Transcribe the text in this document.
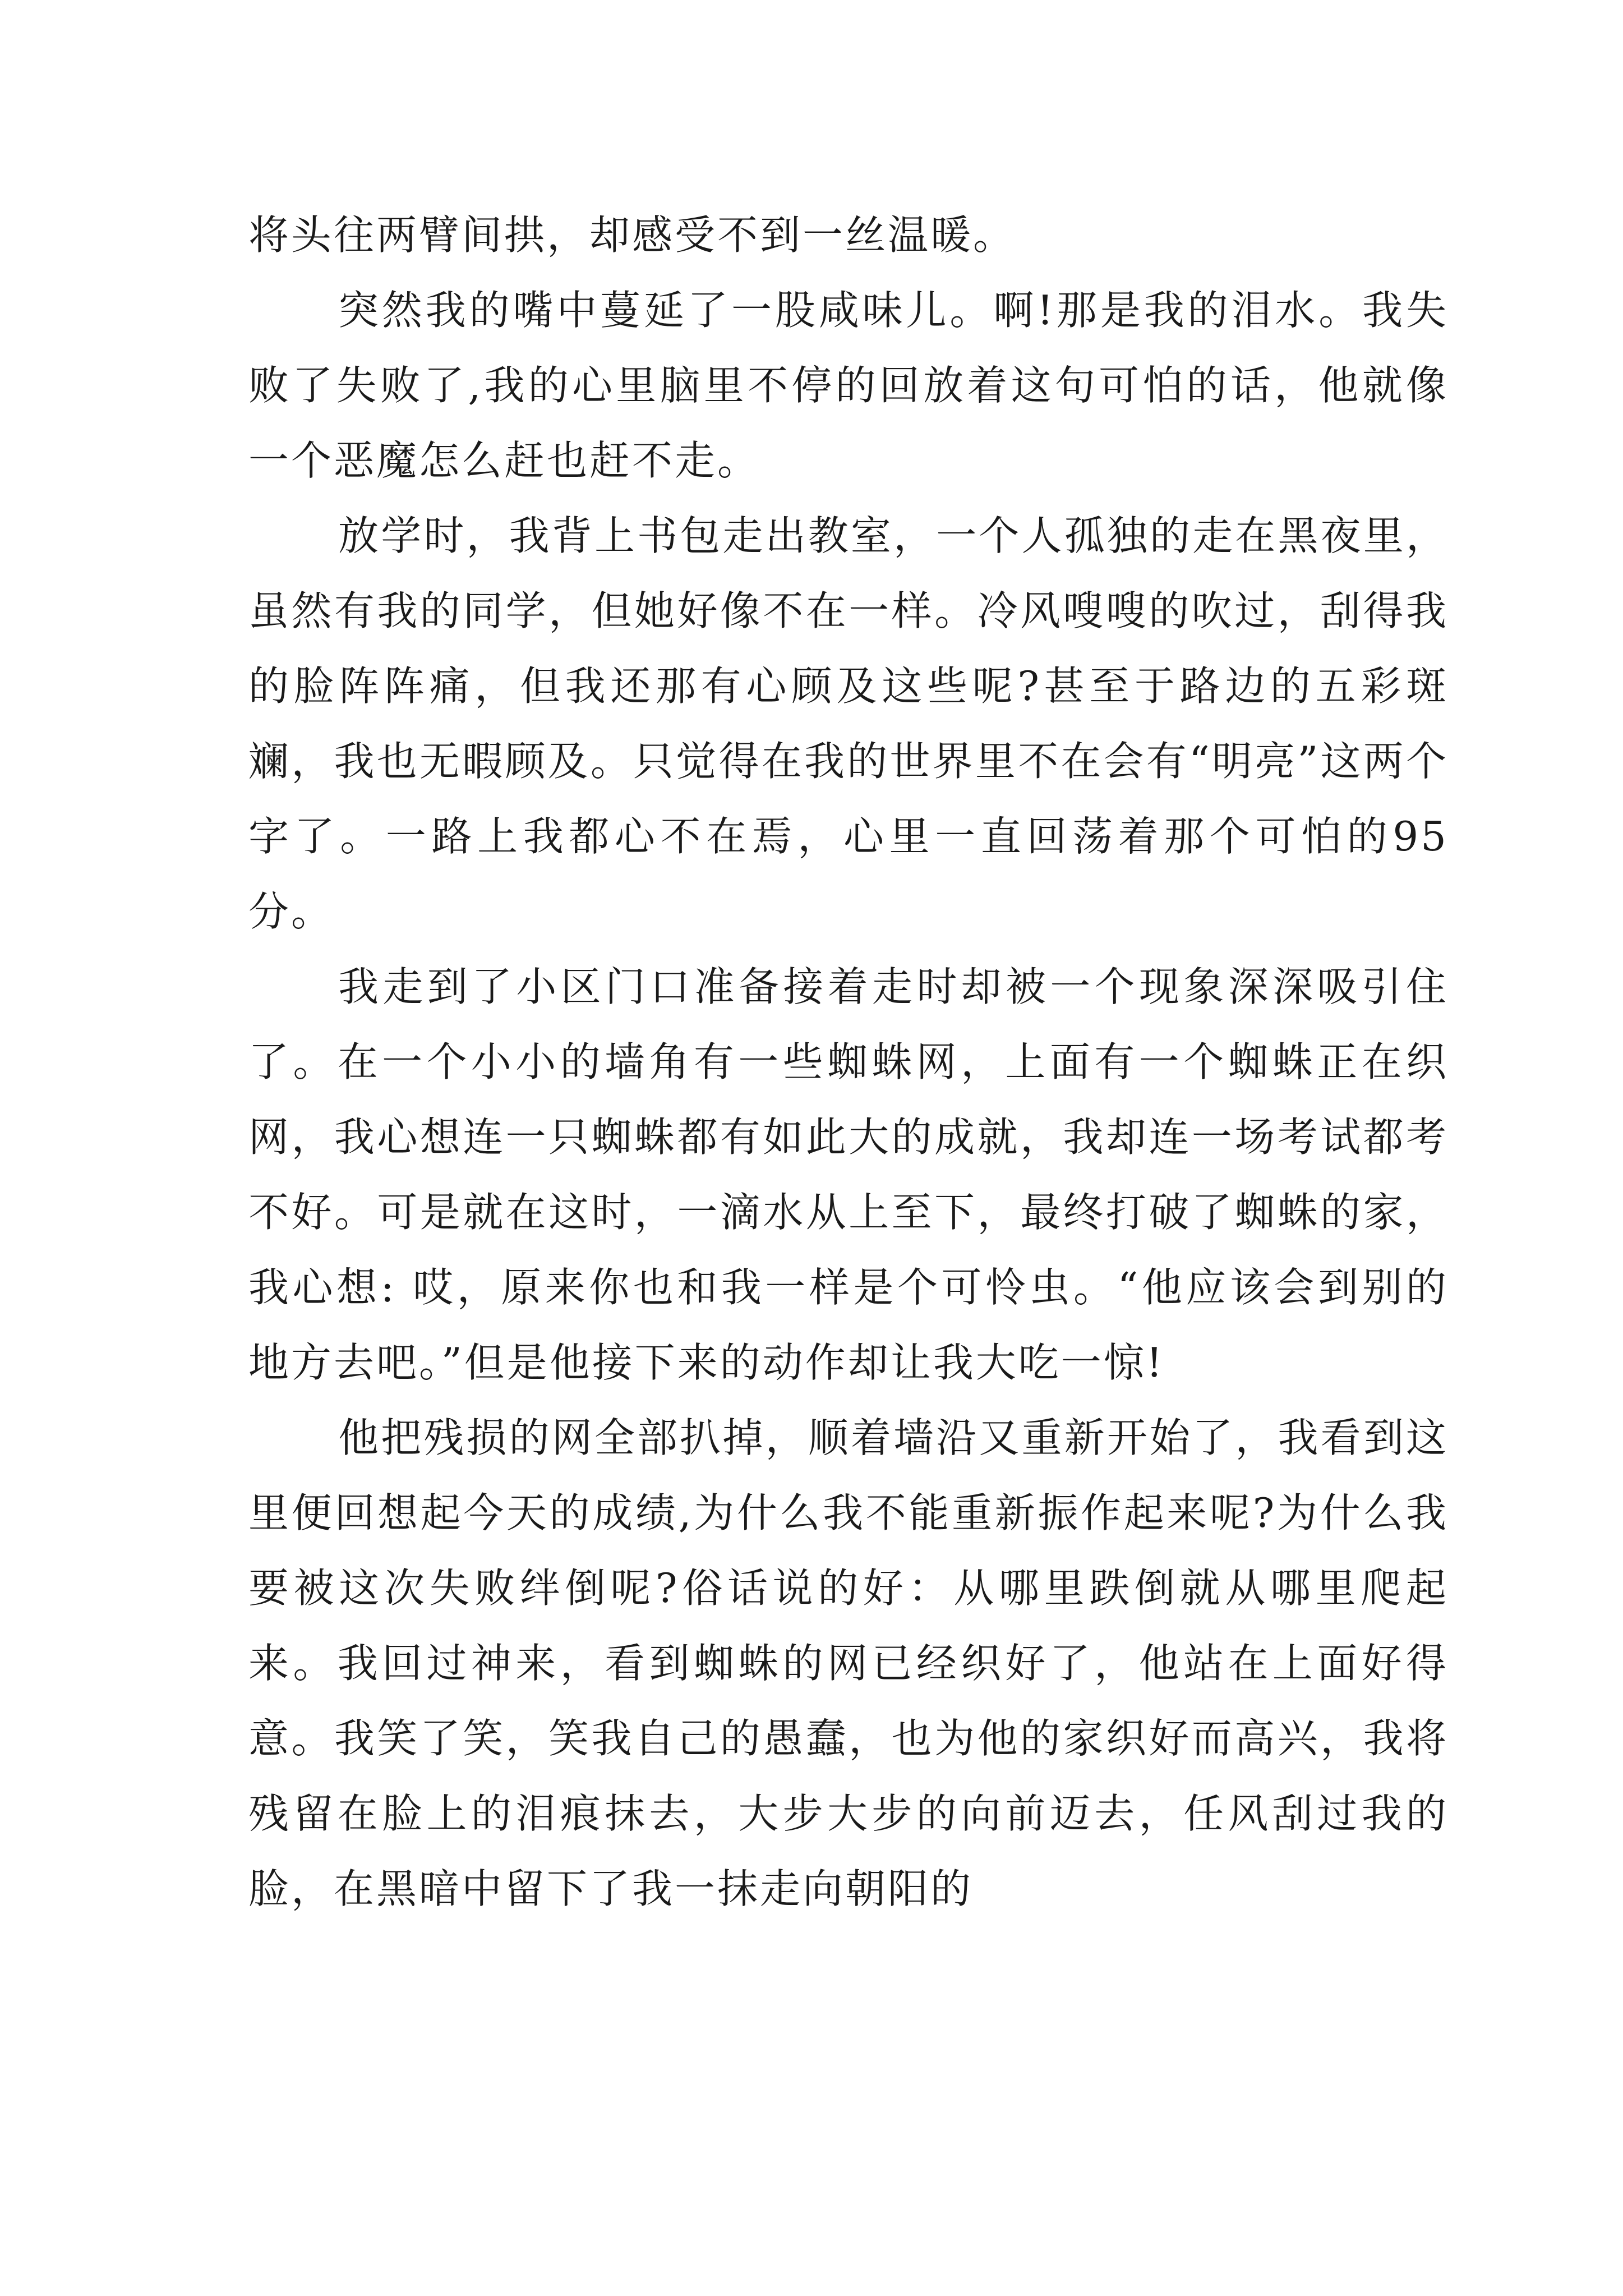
将头往两臂间拱，却感受不到一丝温暖。

突然我的嘴中蔓延了一股咸味儿。啊!那是我的泪水。我失败了失败了,我的心里脑里不停的回放着这句可怕的话，他就像一个恶魔怎么赶也赶不走。

放学时，我背上书包走出教室，一个人孤独的走在黑夜里，虽然有我的同学，但她好像不在一样。冷风嗖嗖的吹过，刮得我的脸阵阵痛，但我还那有心顾及这些呢?甚至于路边的五彩斑斓，我也无暇顾及。只觉得在我的世界里不在会有“明亮”这两个字了。一路上我都心不在焉，心里一直回荡着那个可怕的95分。

我走到了小区门口准备接着走时却被一个现象深深吸引住了。在一个小小的墙角有一些蜘蛛网，上面有一个蜘蛛正在织网，我心想连一只蜘蛛都有如此大的成就，我却连一场考试都考不好。可是就在这时，一滴水从上至下，最终打破了蜘蛛的家，我心想: 哎，原来你也和我一样是个可怜虫。“他应该会到别的地方去吧。”但是他接下来的动作却让我大吃一惊!

他把残损的网全部扒掉，顺着墙沿又重新开始了，我看到这里便回想起今天的成绩,为什么我不能重新振作起来呢?为什么我要被这次失败绊倒呢?俗话说的好：从哪里跌倒就从哪里爬起来。我回过神来，看到蜘蛛的网已经织好了，他站在上面好得意。我笑了笑，笑我自己的愚蠢，也为他的家织好而高兴，我将残留在脸上的泪痕抹去，大步大步的向前迈去，任风刮过我的脸，在黑暗中留下了我一抹走向朝阳的
